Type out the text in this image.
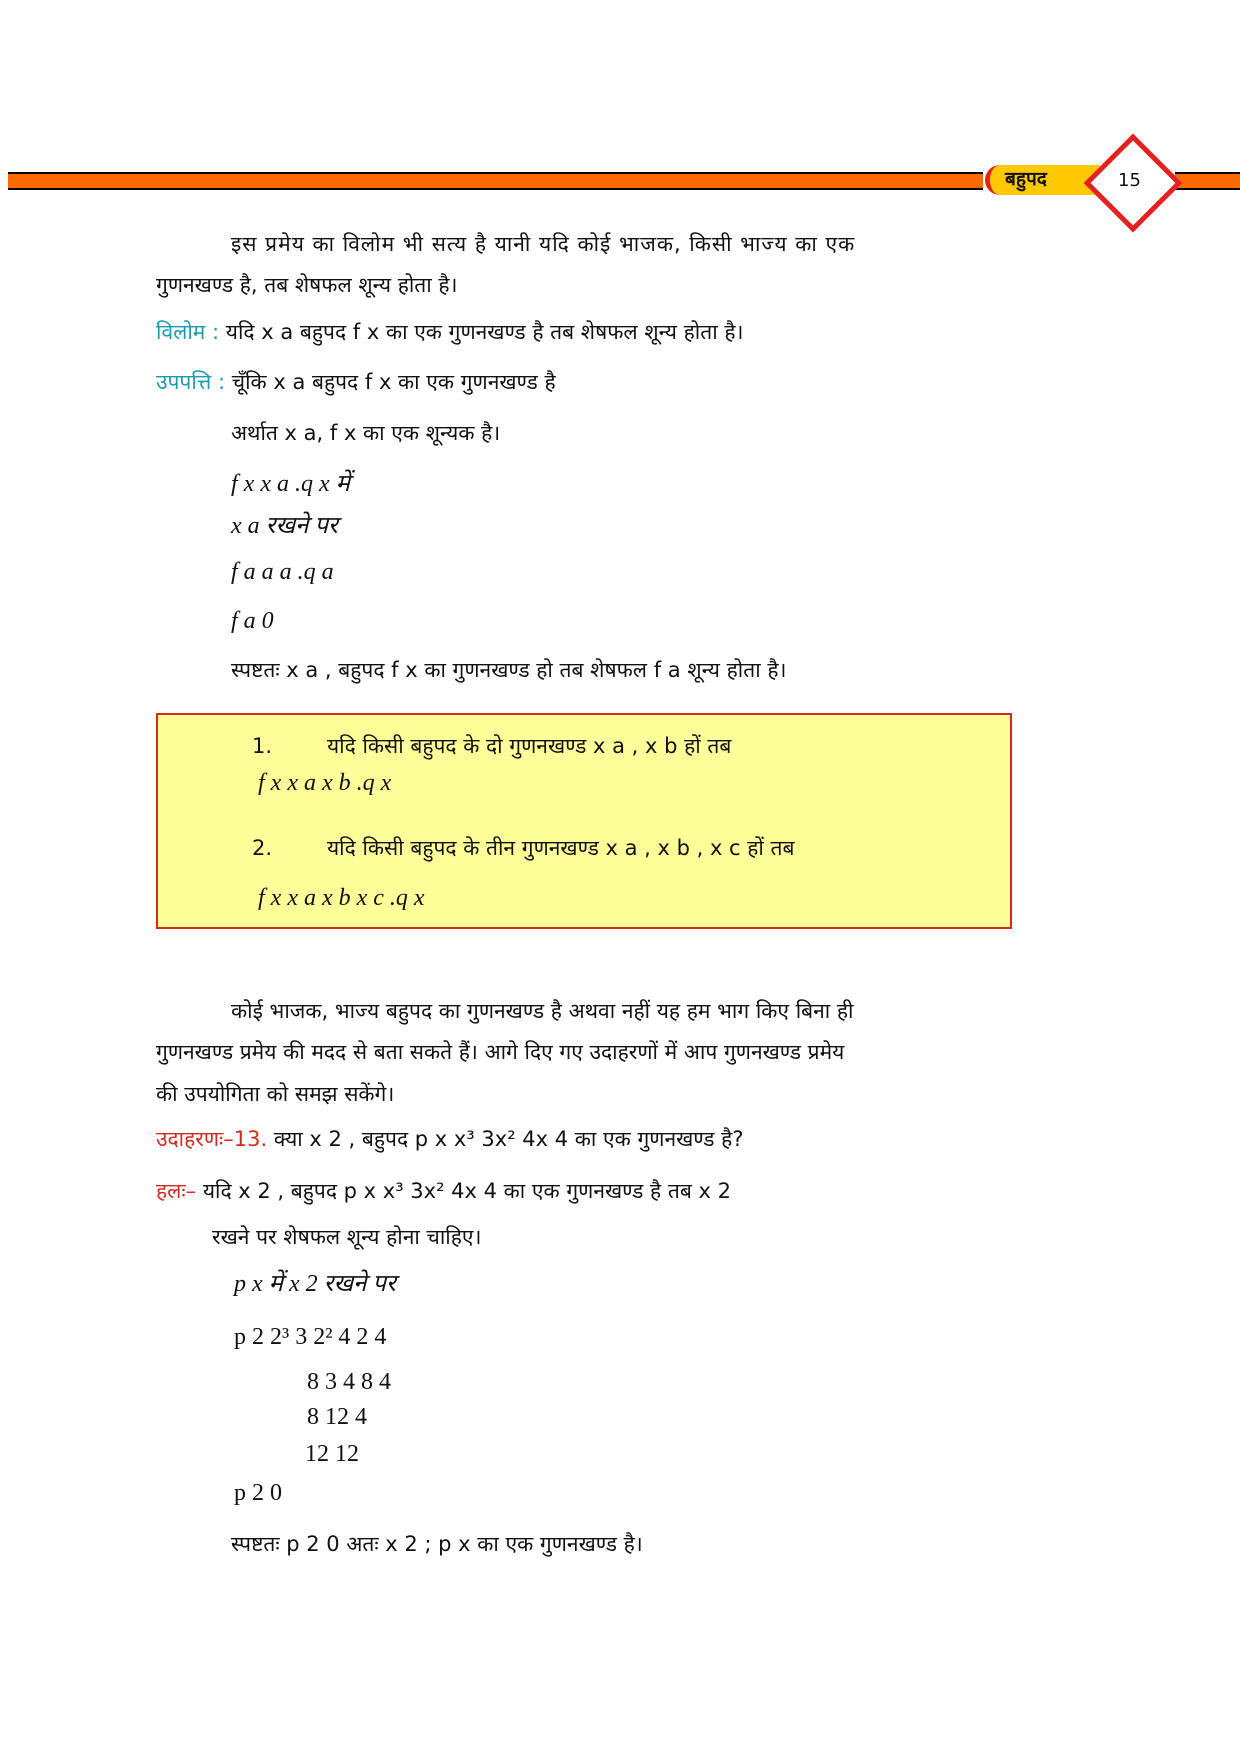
बहुपद	15
इस प्रमेय का विलोम भी सत्य है यानी यदि कोई भाजक, किसी भाज्य का एक
गुणनखण्ड है, तब शेषफल शून्य होता है।
विलोम : यदि x a बहुपद f x का एक गुणनखण्ड है तब शेषफल शून्य होता है।
उपपत्ति : चूँकि x a बहुपद f x का एक गुणनखण्ड है
अर्थात x a, f x का एक शून्यक है।
f x x a .q x में
x a रखने पर
f a a a .q a
f a 0
स्पष्टतः x a , बहुपद f x का गुणनखण्ड हो तब शेषफल f a शून्य होता है।
1.	यदि किसी बहुपद के दो गुणनखण्ड x a , x b हों तब
f x x a x b .q x
2.	यदि किसी बहुपद के तीन गुणनखण्ड x a , x b , x c हों तब
f x x a x b x c .q x
कोई भाजक, भाज्य बहुपद का गुणनखण्ड है अथवा नहीं यह हम भाग किए बिना ही
गुणनखण्ड प्रमेय की मदद से बता सकते हैं। आगे दिए गए उदाहरणों में आप गुणनखण्ड प्रमेय
की उपयोगिता को समझ सकेंगे।
उदाहरणः–13. क्या x 2 , बहुपद p x x³ 3x² 4x 4 का एक गुणनखण्ड है?
हलः– यदि x 2 , बहुपद p x x³ 3x² 4x 4 का एक गुणनखण्ड है तब x 2
रखने पर शेषफल शून्य होना चाहिए।
p x में x 2 रखने पर
p 2 2³ 3 2² 4 2 4
8 3 4 8 4
8 12 4
12 12
p 2 0
स्पष्टतः p 2 0 अतः x 2 ; p x का एक गुणनखण्ड है।
